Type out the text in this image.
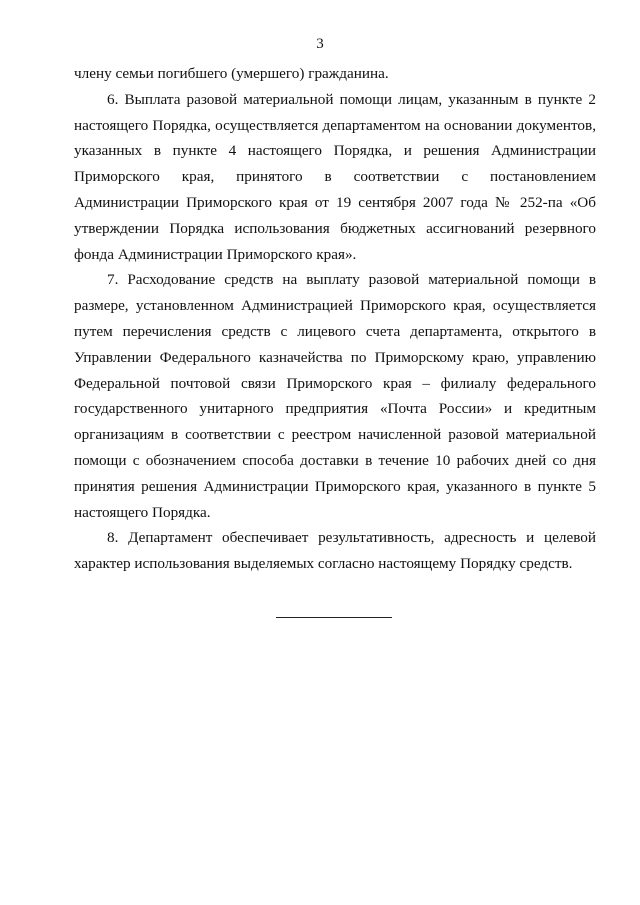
3

члену семьи погибшего (умершего) гражданина.

6. Выплата разовой материальной помощи лицам, указанным в пункте 2 настоящего Порядка, осуществляется департаментом на основании документов, указанных в пункте 4 настоящего Порядка, и решения Администрации Приморского края, принятого в соответствии с постановлением Администрации Приморского края от 19 сентября 2007 года № 252-па «Об утверждении Порядка использования бюджетных ассигнований резервного фонда Администрации Приморского края».

7. Расходование средств на выплату разовой материальной помощи в размере, установленном Администрацией Приморского края, осуществляется путем перечисления средств с лицевого счета департамента, открытого в Управлении Федерального казначейства по Приморскому краю, управлению Федеральной почтовой связи Приморского края – филиалу федерального государственного унитарного предприятия «Почта России» и кредитным организациям в соответствии с реестром начисленной разовой материальной помощи с обозначением способа доставки в течение 10 рабочих дней со дня принятия решения Администрации Приморского края, указанного в пункте 5 настоящего Порядка.

8. Департамент обеспечивает результативность, адресность и целевой характер использования выделяемых согласно настоящему Порядку средств.
